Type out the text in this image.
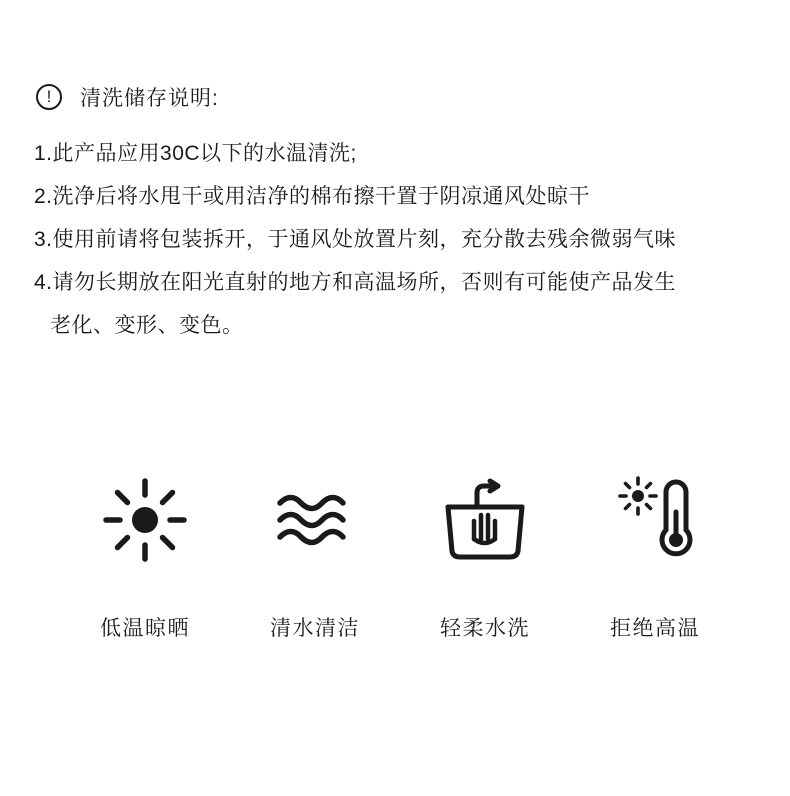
! 清洗储存说明:
1.此产品应用30C以下的水温清洗;
2.洗净后将水甩干或用洁净的棉布擦干置于阴凉通风处晾干
3.使用前请将包装拆开，于通风处放置片刻，充分散去残余微弱气味
4.请勿长期放在阳光直射的地方和高温场所，否则有可能使产品发生
老化、变形、变色。
低温晾晒	清水清洁	轻柔水洗	拒绝高温
